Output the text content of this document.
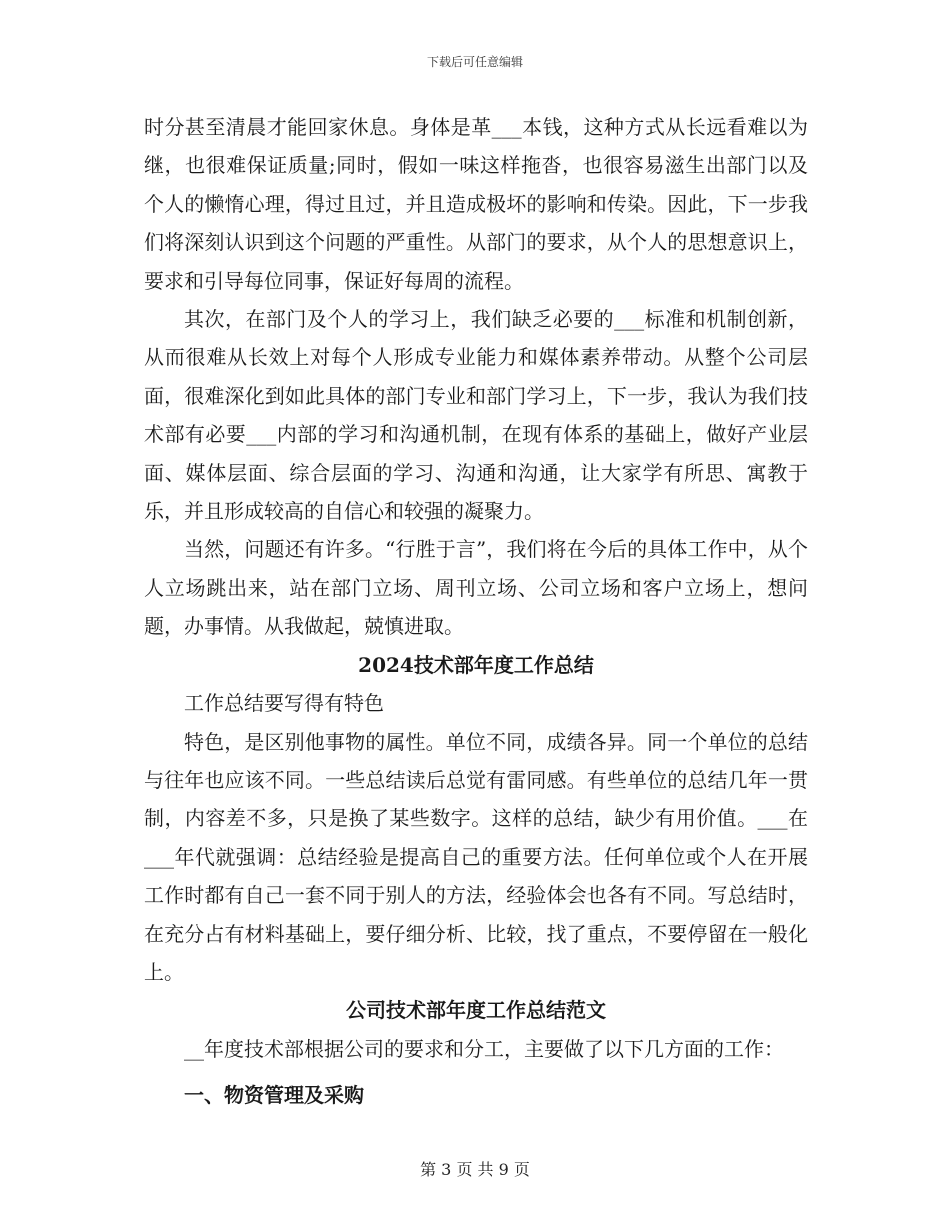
下载后可任意编辑

时分甚至清晨才能回家休息。身体是革___本钱，这种方式从长远看难以为继，也很难保证质量;同时，假如一味这样拖沓，也很容易滋生出部门以及个人的懒惰心理，得过且过，并且造成极坏的影响和传染。因此，下一步我们将深刻认识到这个问题的严重性。从部门的要求，从个人的思想意识上，要求和引导每位同事，保证好每周的流程。

其次，在部门及个人的学习上，我们缺乏必要的___标准和机制创新，从而很难从长效上对每个人形成专业能力和媒体素养带动。从整个公司层面，很难深化到如此具体的部门专业和部门学习上，下一步，我认为我们技术部有必要___内部的学习和沟通机制，在现有体系的基础上，做好产业层面、媒体层面、综合层面的学习、沟通和沟通，让大家学有所思、寓教于乐，并且形成较高的自信心和较强的凝聚力。

当然，问题还有许多。“行胜于言”，我们将在今后的具体工作中，从个人立场跳出来，站在部门立场、周刊立场、公司立场和客户立场上，想问题，办事情。从我做起，兢慎进取。

2024技术部年度工作总结

工作总结要写得有特色

特色，是区别他事物的属性。单位不同，成绩各异。同一个单位的总结与往年也应该不同。一些总结读后总觉有雷同感。有些单位的总结几年一贯制，内容差不多，只是换了某些数字。这样的总结，缺少有用价值。___在___年代就强调：总结经验是提高自己的重要方法。任何单位或个人在开展工作时都有自己一套不同于别人的方法，经验体会也各有不同。写总结时，在充分占有材料基础上，要仔细分析、比较，找了重点，不要停留在一般化上。

公司技术部年度工作总结范文

__年度技术部根据公司的要求和分工，主要做了以下几方面的工作：

一、物资管理及采购
第 3 页 共 9 页
